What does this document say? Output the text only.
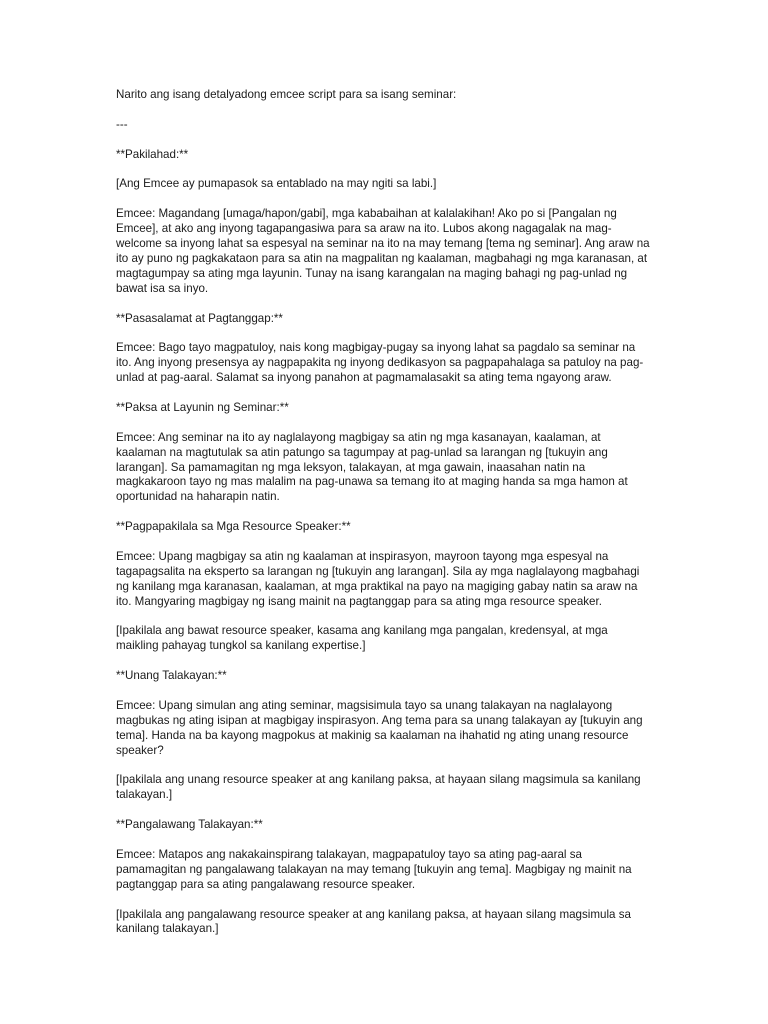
Narito ang isang detalyadong emcee script para sa isang seminar:

---

**Pakilahad:**

[Ang Emcee ay pumapasok sa entablado na may ngiti sa labi.]

Emcee: Magandang [umaga/hapon/gabi], mga kababaihan at kalalakihan! Ako po si [Pangalan ng Emcee], at ako ang inyong tagapangasiwa para sa araw na ito. Lubos akong nagagalak na mag-welcome sa inyong lahat sa espesyal na seminar na ito na may temang [tema ng seminar]. Ang araw na ito ay puno ng pagkakataon para sa atin na magpalitan ng kaalaman, magbahagi ng mga karanasan, at magtagumpay sa ating mga layunin. Tunay na isang karangalan na maging bahagi ng pag-unlad ng bawat isa sa inyo.

**Pasasalamat at Pagtanggap:**

Emcee: Bago tayo magpatuloy, nais kong magbigay-pugay sa inyong lahat sa pagdalo sa seminar na ito. Ang inyong presensya ay nagpapakita ng inyong dedikasyon sa pagpapahalaga sa patuloy na pag-unlad at pag-aaral. Salamat sa inyong panahon at pagmamalasakit sa ating tema ngayong araw.

**Paksa at Layunin ng Seminar:**

Emcee: Ang seminar na ito ay naglalayong magbigay sa atin ng mga kasanayan, kaalaman, at kaalaman na magtutulak sa atin patungo sa tagumpay at pag-unlad sa larangan ng [tukuyin ang larangan]. Sa pamamagitan ng mga leksyon, talakayan, at mga gawain, inaasahan natin na magkakaroon tayo ng mas malalim na pag-unawa sa temang ito at maging handa sa mga hamon at oportunidad na haharapin natin.

**Pagpapakilala sa Mga Resource Speaker:**

Emcee: Upang magbigay sa atin ng kaalaman at inspirasyon, mayroon tayong mga espesyal na tagapagsalita na eksperto sa larangan ng [tukuyin ang larangan]. Sila ay mga naglalayong magbahagi ng kanilang mga karanasan, kaalaman, at mga praktikal na payo na magiging gabay natin sa araw na ito. Mangyaring magbigay ng isang mainit na pagtanggap para sa ating mga resource speaker.

[Ipakilala ang bawat resource speaker, kasama ang kanilang mga pangalan, kredensyal, at mga maikling pahayag tungkol sa kanilang expertise.]

**Unang Talakayan:**

Emcee: Upang simulan ang ating seminar, magsisimula tayo sa unang talakayan na naglalayong magbukas ng ating isipan at magbigay inspirasyon. Ang tema para sa unang talakayan ay [tukuyin ang tema]. Handa na ba kayong magpokus at makinig sa kaalaman na ihahatid ng ating unang resource speaker?

[Ipakilala ang unang resource speaker at ang kanilang paksa, at hayaan silang magsimula sa kanilang talakayan.]

**Pangalawang Talakayan:**

Emcee: Matapos ang nakakainspirang talakayan, magpapatuloy tayo sa ating pag-aaral sa pamamagitan ng pangalawang talakayan na may temang [tukuyin ang tema]. Magbigay ng mainit na pagtanggap para sa ating pangalawang resource speaker.

[Ipakilala ang pangalawang resource speaker at ang kanilang paksa, at hayaan silang magsimula sa kanilang talakayan.]
